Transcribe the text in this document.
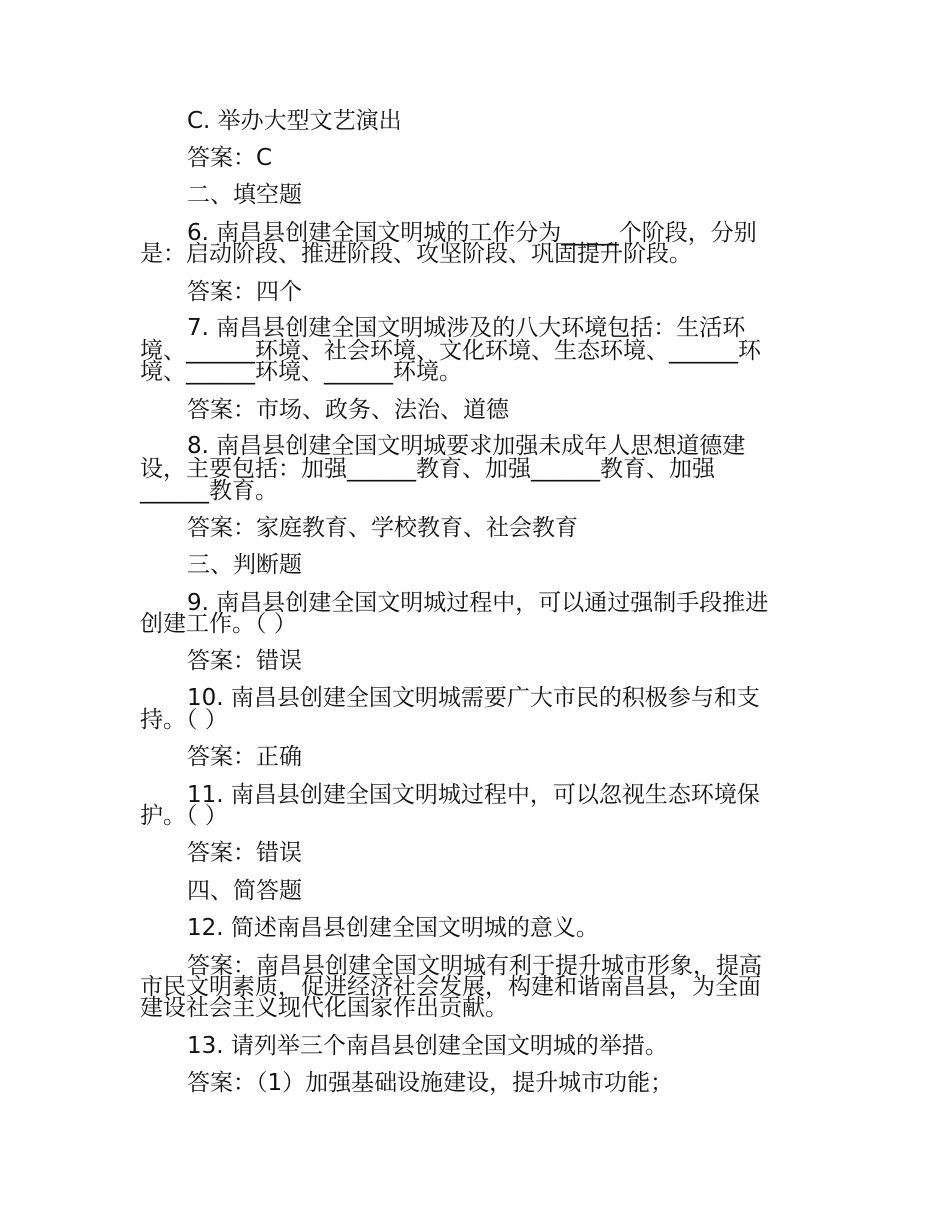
C. 举办大型文艺演出
答案：C
二、填空题
6. 南昌县创建全国文明城的工作分为_____个阶段，分别
是：启动阶段、推进阶段、攻坚阶段、巩固提升阶段。
答案：四个
7. 南昌县创建全国文明城涉及的八大环境包括：生活环
境、______环境、社会环境、文化环境、生态环境、______环
境、______环境、______环境。
答案：市场、政务、法治、道德
8. 南昌县创建全国文明城要求加强未成年人思想道德建
设，主要包括：加强______教育、加强______教育、加强
______教育。
答案：家庭教育、学校教育、社会教育
三、判断题
9. 南昌县创建全国文明城过程中，可以通过强制手段推进
创建工作。（ ）
答案：错误
10. 南昌县创建全国文明城需要广大市民的积极参与和支
持。（ ）
答案：正确
11. 南昌县创建全国文明城过程中，可以忽视生态环境保
护。（ ）
答案：错误
四、简答题
12. 简述南昌县创建全国文明城的意义。
答案：南昌县创建全国文明城有利于提升城市形象，提高
市民文明素质，促进经济社会发展，构建和谐南昌县，为全面
建设社会主义现代化国家作出贡献。
13. 请列举三个南昌县创建全国文明城的举措。
答案：（1）加强基础设施建设，提升城市功能；
